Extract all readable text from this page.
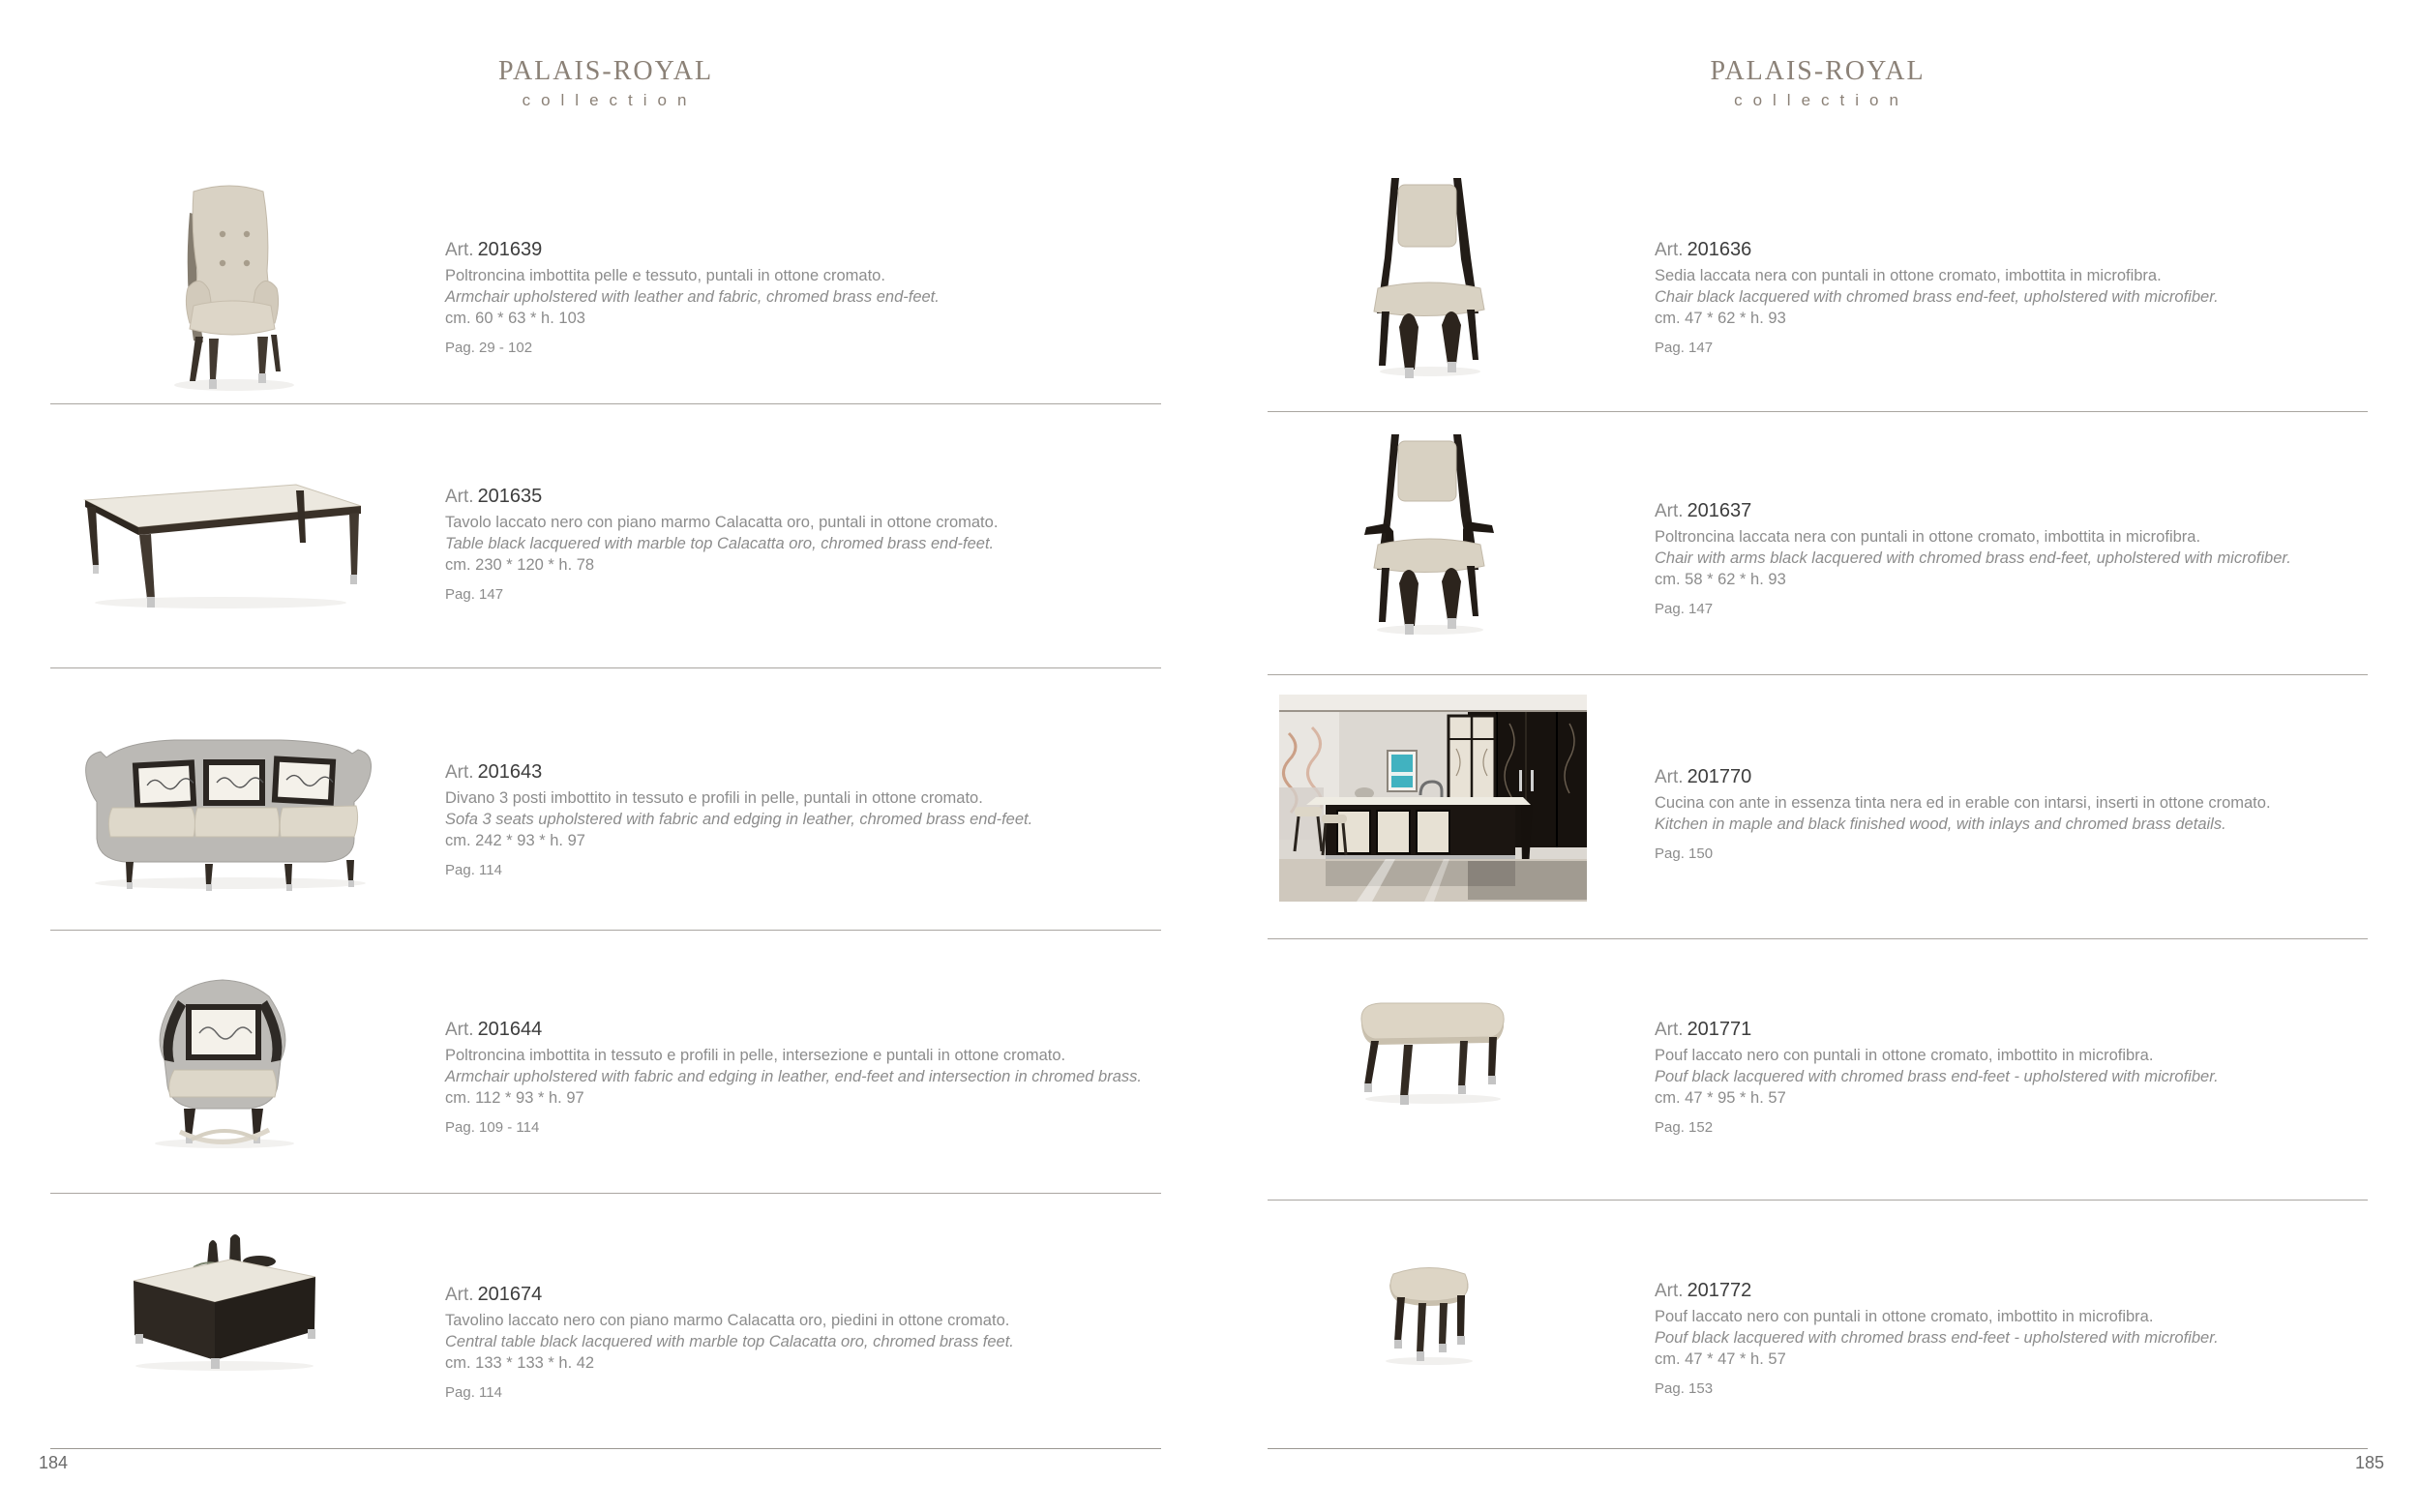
PALAIS-ROYAL
collection
Art. 201639
Poltroncina imbottita pelle e tessuto, puntali in ottone cromato.
Armchair upholstered with leather and fabric, chromed brass end-feet.
cm. 60 * 63 * h. 103
Pag. 29 - 102
Art. 201635
Tavolo laccato nero con piano marmo Calacatta oro, puntali in ottone cromato.
Table black lacquered with marble top Calacatta oro, chromed brass end-feet.
cm. 230 * 120 * h. 78
Pag. 147
Art. 201643
Divano 3 posti imbottito in tessuto e profili in pelle, puntali in ottone cromato.
Sofa 3 seats upholstered with fabric and edging in leather, chromed brass end-feet.
cm. 242 * 93 * h. 97
Pag. 114
Art. 201644
Poltroncina imbottita in tessuto e profili in pelle, intersezione e puntali in ottone cromato.
Armchair upholstered with fabric and edging in leather, end-feet and intersection in chromed brass.
cm. 112 * 93 * h. 97
Pag. 109 - 114
Art. 201674
Tavolino laccato nero con piano marmo Calacatta oro, piedini in ottone cromato.
Central table black lacquered with marble top Calacatta oro, chromed brass feet.
cm. 133 * 133 * h. 42
Pag. 114
PALAIS-ROYAL
collection
Art. 201636
Sedia laccata nera con puntali in ottone cromato, imbottita in microfibra.
Chair black lacquered with chromed brass end-feet, upholstered with microfiber.
cm. 47 * 62 * h. 93
Pag. 147
Art. 201637
Poltroncina laccata nera con puntali in ottone cromato, imbottita in microfibra.
Chair with arms black lacquered with chromed brass end-feet, upholstered with microfiber.
cm. 58 * 62 * h. 93
Pag. 147
Art. 201770
Cucina con ante in essenza tinta nera ed in erable con intarsi, inserti in ottone cromato.
Kitchen in maple and black finished wood, with inlays and chromed brass details.
Pag. 150
Art. 201771
Pouf laccato nero con puntali in ottone cromato, imbottito in microfibra.
Pouf black lacquered with chromed brass end-feet - upholstered with microfiber.
cm. 47 * 95 * h. 57
Pag. 152
Art. 201772
Pouf laccato nero con puntali in ottone cromato, imbottito in microfibra.
Pouf black lacquered with chromed brass end-feet - upholstered with microfiber.
cm. 47 * 47 * h. 57
Pag. 153
184	185
